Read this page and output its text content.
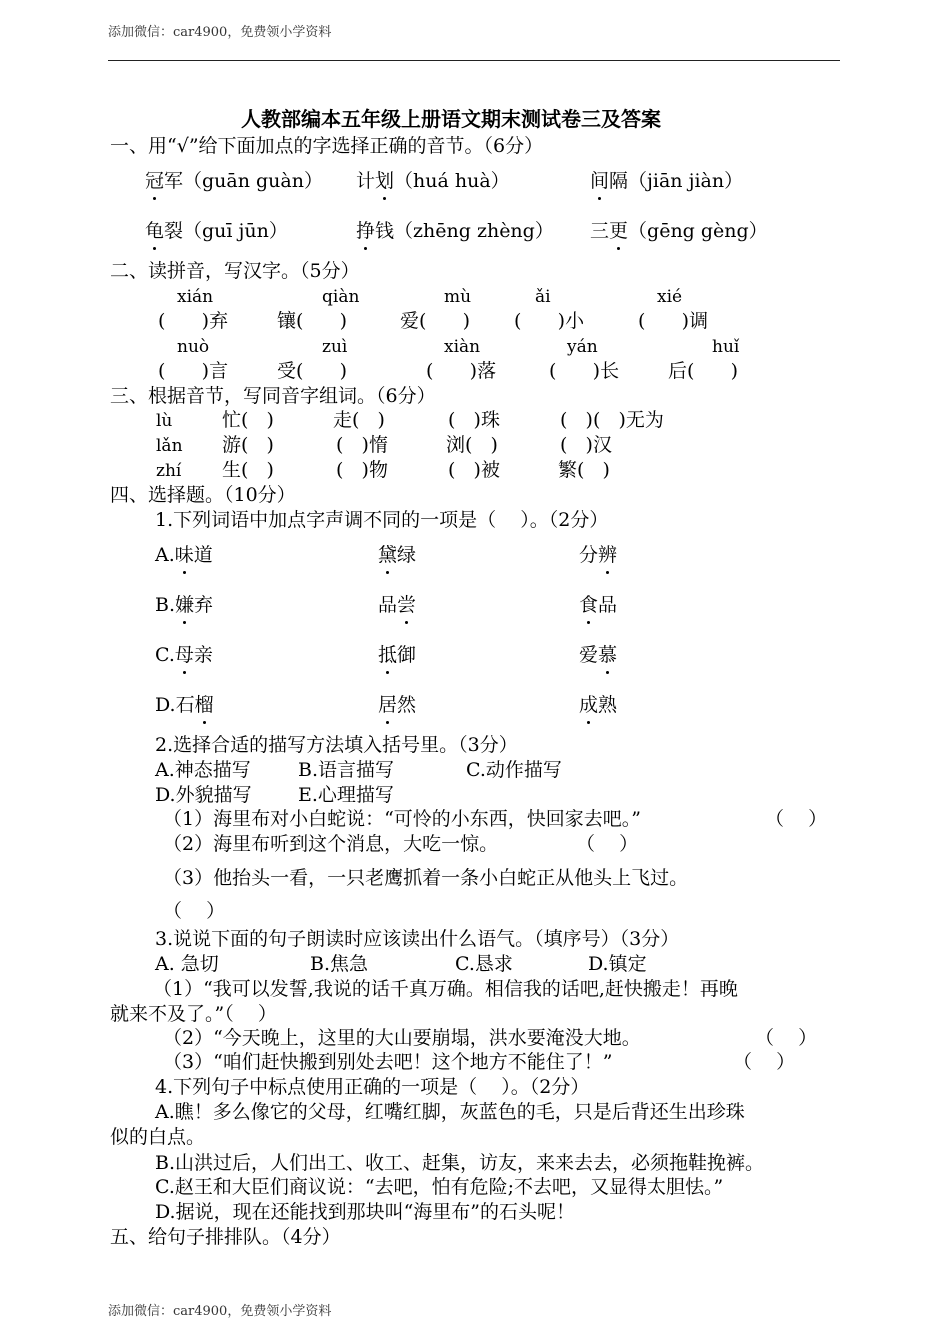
添加微信：car4900，免费领小学资料
人教部编本五年级上册语文期末测试卷三及答案
一、用“√”给下面加点的字选择正确的音节。（6分）
冠军（guān guàn） 计划（huá huà）	间隔（jiān jiàn）
龟裂（guī jūn）	挣钱（zhēng zhèng） 三更（gēng gèng）
二、读拼音，写汉字。（5分）
xián	qiàn	mù	ǎi	xié
(      )弃	镶(      )	爱(      ) (      )小	(      )调
nuò	zuì	xiàn	yán	huǐ
(      )言	受(      )	(      )落	(      )长	后(      )
三、根据音节，写同音字组词。（6分）
lù	忙(   )	走(   )	(   )珠	(   )(   )无为
lǎn 游(   )	(   )惰	浏(   )	(   )汉
zhí 生(   )	(   )物	(   )被	繁(   )
四、选择题。（10分）
1.下列词语中加点字声调不同的一项是（    ）。（2分）
A.味道	黛绿	分辨
B.嫌弃	品尝	食品
C.母亲	抵御	爱慕
D.石榴	居然	成熟
2.选择合适的描写方法填入括号里。（3分）
A.神态描写 B.语言描写	C.动作描写
D.外貌描写 E.心理描写
（1）海里布对小白蛇说：“可怜的小东西，快回家去吧。”	（    ）
（2）海里布听到这个消息，大吃一惊。	（    ）
（3）他抬头一看，一只老鹰抓着一条小白蛇正从他头上飞过。
（    ）
3.说说下面的句子朗读时应该读出什么语气。（填序号）（3分）
A. 急切	B.焦急	C.恳求	D.镇定
（1）“我可以发誓,我说的话千真万确。相信我的话吧,赶快搬走！再晚
就来不及了。”（    ）
（2）“今天晚上，这里的大山要崩塌，洪水要淹没大地。	（    ）
（3）“咱们赶快搬到别处去吧！这个地方不能住了！”	（    ）
4.下列句子中标点使用正确的一项是（    ）。（2分）
A.瞧！多么像它的父母，红嘴红脚，灰蓝色的毛，只是后背还生出珍珠
似的白点。
B.山洪过后，人们出工、收工、赶集，访友，来来去去，必须拖鞋挽裤。
C.赵王和大臣们商议说：“去吧，怕有危险;不去吧，又显得太胆怯。”
D.据说，现在还能找到那块叫“海里布”的石头呢！
五、给句子排排队。（4分）
添加微信：car4900，免费领小学资料
